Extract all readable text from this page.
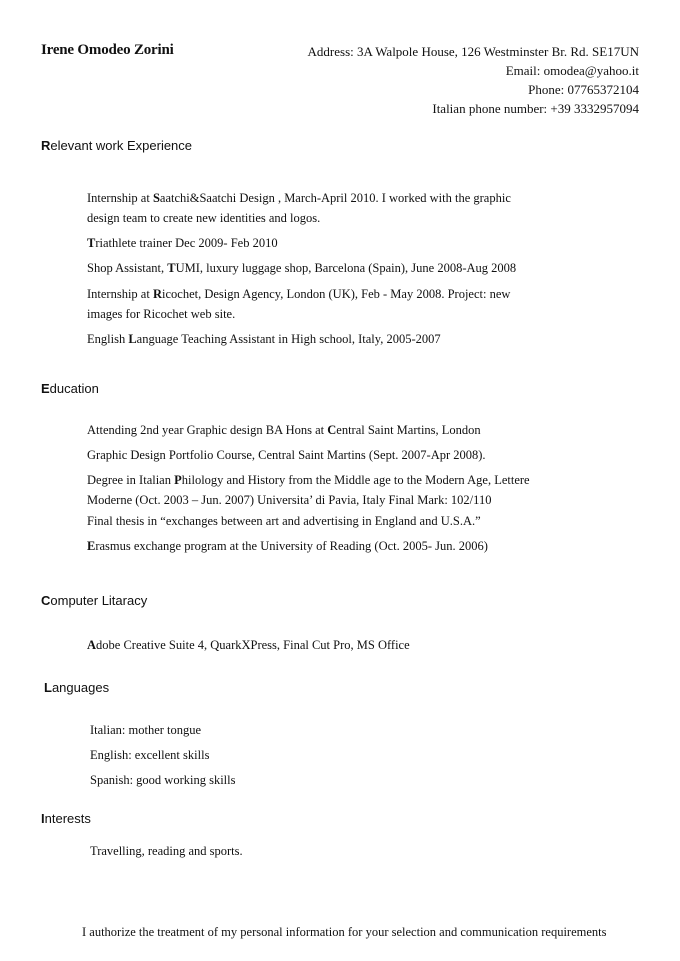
Irene Omodeo Zorini	Address: 3A Walpole House, 126 Westminster Br. Rd. SE17UN
Email: omodea@yahoo.it
Phone: 07765372104
Italian phone number: +39 3332957094
Relevant work Experience
Internship at Saatchi&Saatchi Design , March-April 2010. I worked with the graphic
design team to create new identities and logos.
Triathlete trainer Dec 2009- Feb 2010
Shop Assistant, TUMI, luxury luggage shop, Barcelona (Spain), June 2008-Aug 2008
Internship at Ricochet, Design Agency, London (UK), Feb - May 2008. Project: new
images for Ricochet web site.
English Language Teaching Assistant in High school, Italy, 2005-2007
Education
Attending 2nd year Graphic design BA Hons at Central Saint Martins, London
Graphic Design Portfolio Course, Central Saint Martins (Sept. 2007-Apr 2008).
Degree in Italian Philology and History from the Middle age to the Modern Age, Lettere
Moderne (Oct. 2003 – Jun. 2007) Universita’ di Pavia, Italy Final Mark: 102/110
Final thesis in “exchanges between art and advertising in England and U.S.A.”
Erasmus exchange program at the University of Reading (Oct. 2005- Jun. 2006)
Computer Litaracy
Adobe Creative Suite 4, QuarkXPress, Final Cut Pro, MS Office
Languages
Italian: mother tongue
English: excellent skills
Spanish: good working skills
Interests
Travelling, reading and sports.
I authorize the treatment of my personal information for your selection and communication requirements
